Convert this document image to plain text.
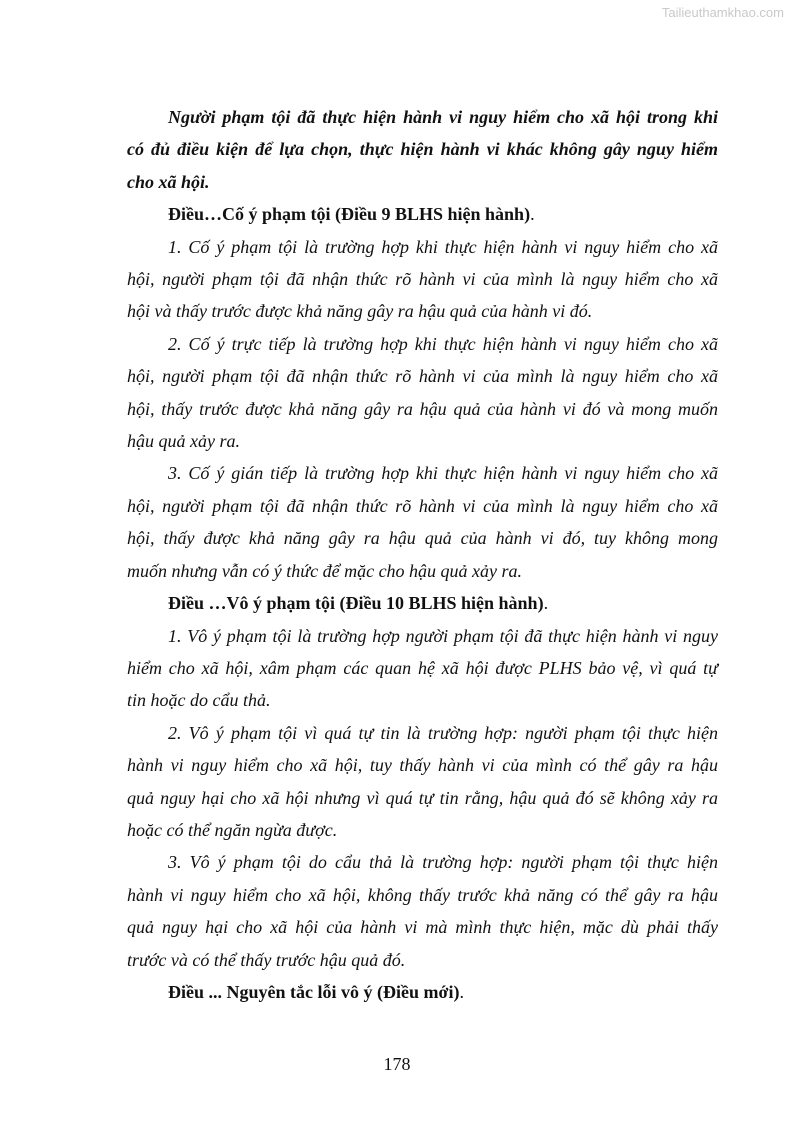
Tailieuthamkhao.com
Người phạm tội đã thực hiện hành vi nguy hiểm cho xã hội trong khi
có đủ điều kiện để lựa chọn, thực hiện hành vi khác không gây nguy hiểm
cho xã hội.
Điều…Cố ý phạm tội (Điều 9 BLHS hiện hành).
1. Cố ý phạm tội là trường hợp khi thực hiện hành vi nguy hiểm cho xã
hội, người phạm tội đã nhận thức rõ hành vi của mình là nguy hiểm cho xã
hội và thấy trước được khả năng gây ra hậu quả của hành vi đó.
2. Cố ý trực tiếp là trường hợp khi thực hiện hành vi nguy hiểm cho xã
hội, người phạm tội đã nhận thức rõ hành vi của mình là nguy hiểm cho xã
hội, thấy trước được khả năng gây ra hậu quả của hành vi đó và mong muốn
hậu quả xảy ra.
3. Cố ý gián tiếp là trường hợp khi thực hiện hành vi nguy hiểm cho xã
hội, người phạm tội đã nhận thức rõ hành vi của mình là nguy hiểm cho xã
hội, thấy được khả năng gây ra hậu quả của hành vi đó, tuy không mong
muốn nhưng vẫn có ý thức để mặc cho hậu quả xảy ra.
Điều …Vô ý phạm tội (Điều 10 BLHS hiện hành).
1. Vô ý phạm tội là trường hợp người phạm tội đã thực hiện hành vi nguy
hiểm cho xã hội, xâm phạm các quan hệ xã hội được PLHS bảo vệ, vì quá tự
tin hoặc do cẩu thả.
2. Vô ý phạm tội vì quá tự tin là trường hợp: người phạm tội thực hiện
hành vi nguy hiểm cho xã hội, tuy thấy hành vi của mình có thể gây ra hậu
quả nguy hại cho xã hội nhưng vì quá tự tin rằng, hậu quả đó sẽ không xảy ra
hoặc có thể ngăn ngừa được.
3. Vô ý phạm tội do cẩu thả là trường hợp: người phạm tội thực hiện
hành vi nguy hiểm cho xã hội, không thấy trước khả năng có thể gây ra hậu
quả nguy hại cho xã hội của hành vi mà mình thực hiện, mặc dù phải thấy
trước và có thể thấy trước hậu quả đó.
Điều ... Nguyên tắc lỗi vô ý (Điều mới).
178
